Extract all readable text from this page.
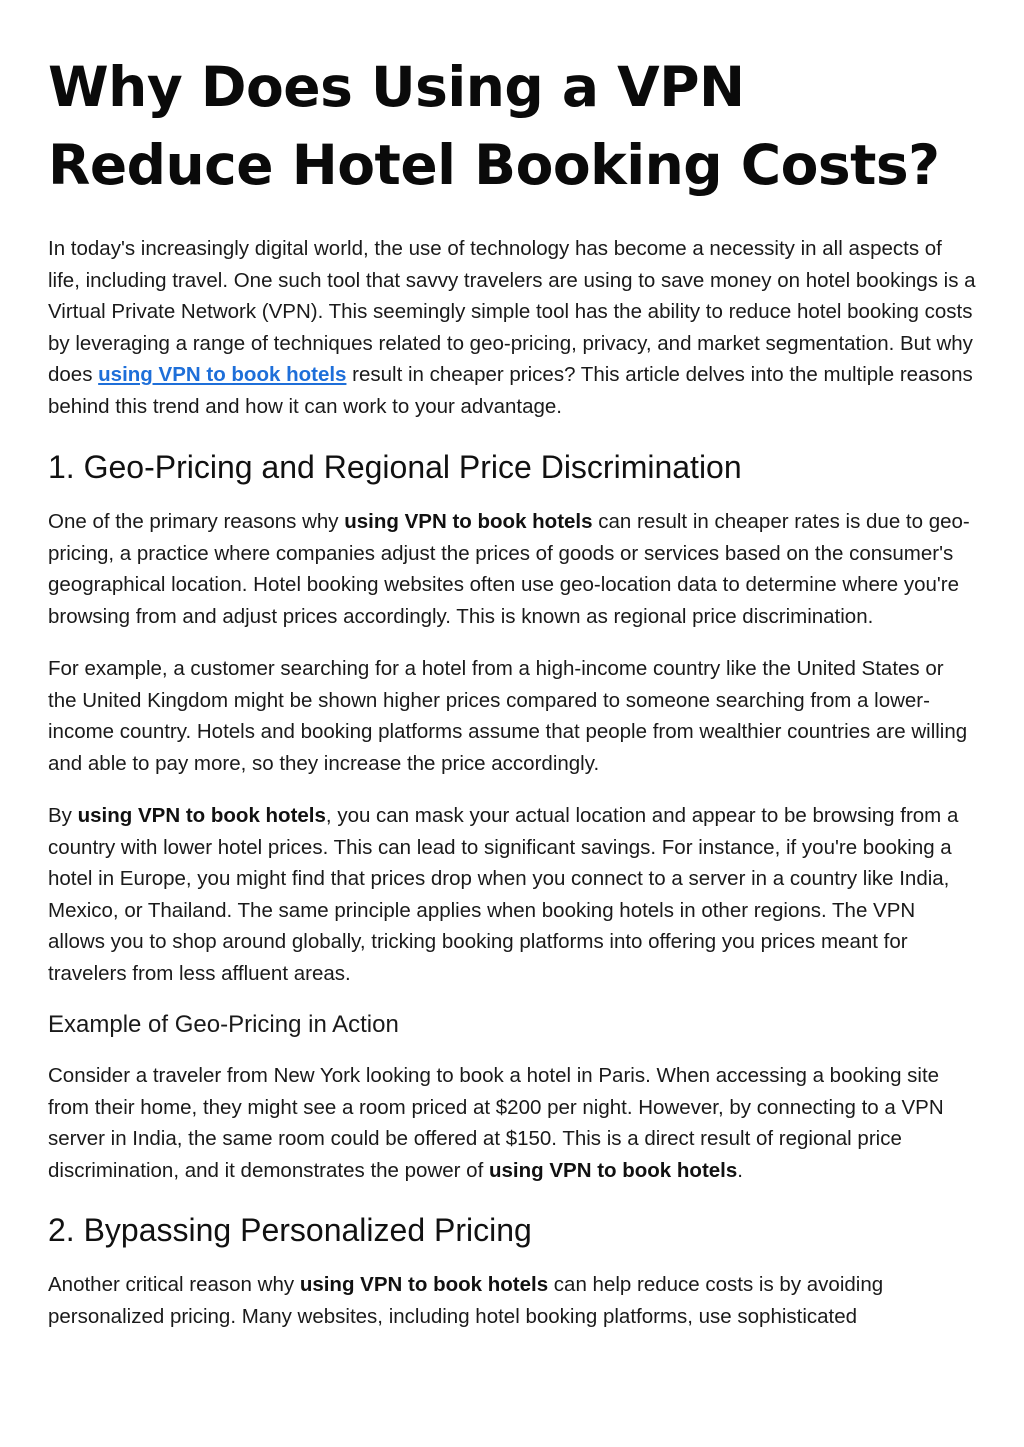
Why Does Using a VPN Reduce Hotel Booking Costs?

In today's increasingly digital world, the use of technology has become a necessity in all aspects of life, including travel. One such tool that savvy travelers are using to save money on hotel bookings is a Virtual Private Network (VPN). This seemingly simple tool has the ability to reduce hotel booking costs by leveraging a range of techniques related to geo-pricing, privacy, and market segmentation. But why does using VPN to book hotels result in cheaper prices? This article delves into the multiple reasons behind this trend and how it can work to your advantage.

1. Geo-Pricing and Regional Price Discrimination

One of the primary reasons why using VPN to book hotels can result in cheaper rates is due to geo-pricing, a practice where companies adjust the prices of goods or services based on the consumer's geographical location. Hotel booking websites often use geo-location data to determine where you're browsing from and adjust prices accordingly. This is known as regional price discrimination.

For example, a customer searching for a hotel from a high-income country like the United States or the United Kingdom might be shown higher prices compared to someone searching from a lower-income country. Hotels and booking platforms assume that people from wealthier countries are willing and able to pay more, so they increase the price accordingly.

By using VPN to book hotels, you can mask your actual location and appear to be browsing from a country with lower hotel prices. This can lead to significant savings. For instance, if you're booking a hotel in Europe, you might find that prices drop when you connect to a server in a country like India, Mexico, or Thailand. The same principle applies when booking hotels in other regions. The VPN allows you to shop around globally, tricking booking platforms into offering you prices meant for travelers from less affluent areas.

Example of Geo-Pricing in Action

Consider a traveler from New York looking to book a hotel in Paris. When accessing a booking site from their home, they might see a room priced at $200 per night. However, by connecting to a VPN server in India, the same room could be offered at $150. This is a direct result of regional price discrimination, and it demonstrates the power of using VPN to book hotels.

2. Bypassing Personalized Pricing

Another critical reason why using VPN to book hotels can help reduce costs is by avoiding personalized pricing. Many websites, including hotel booking platforms, use sophisticated
